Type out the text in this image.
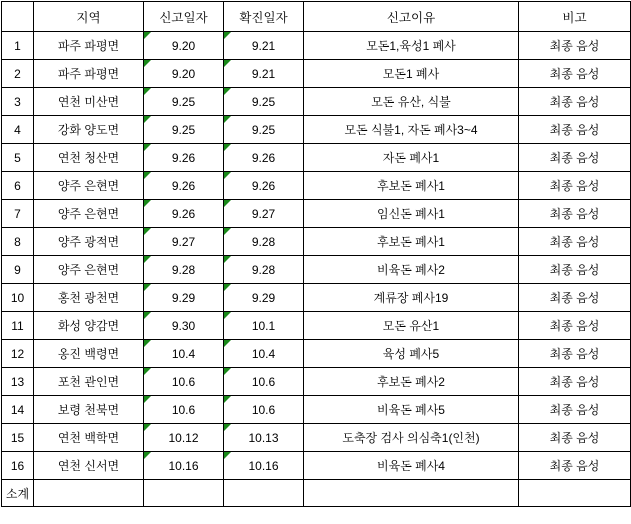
	지역	신고일자	확진일자	신고이유	비고
1	파주 파평면	9.20	9.21	모돈1,육성1 폐사	최종 음성
2	파주 파평면	9.20	9.21	모돈1 폐사	최종 음성
3	연천 미산면	9.25	9.25	모돈 유산, 식불	최종 음성
4	강화 양도면	9.25	9.25	모돈 식불1, 자돈 폐사3~4	최종 음성
5	연천 청산면	9.26	9.26	자돈 폐사1	최종 음성
6	양주 은현면	9.26	9.26	후보돈 폐사1	최종 음성
7	양주 은현면	9.26	9.27	임신돈 폐사1	최종 음성
8	양주 광적면	9.27	9.28	후보돈 폐사1	최종 음성
9	양주 은현면	9.28	9.28	비육돈 폐사2	최종 음성
10	홍천 광천면	9.29	9.29	계류장 폐사19	최종 음성
11	화성 양감면	9.30	10.1	모돈 유산1	최종 음성
12	옹진 백령면	10.4	10.4	육성 폐사5	최종 음성
13	포천 관인면	10.6	10.6	후보돈 폐사2	최종 음성
14	보령 천북면	10.6	10.6	비육돈 폐사5	최종 음성
15	연천 백학면	10.12	10.13	도축장 검사 의심축1(인천)	최종 음성
16	연천 신서면	10.16	10.16	비육돈 폐사4	최종 음성
소계					
